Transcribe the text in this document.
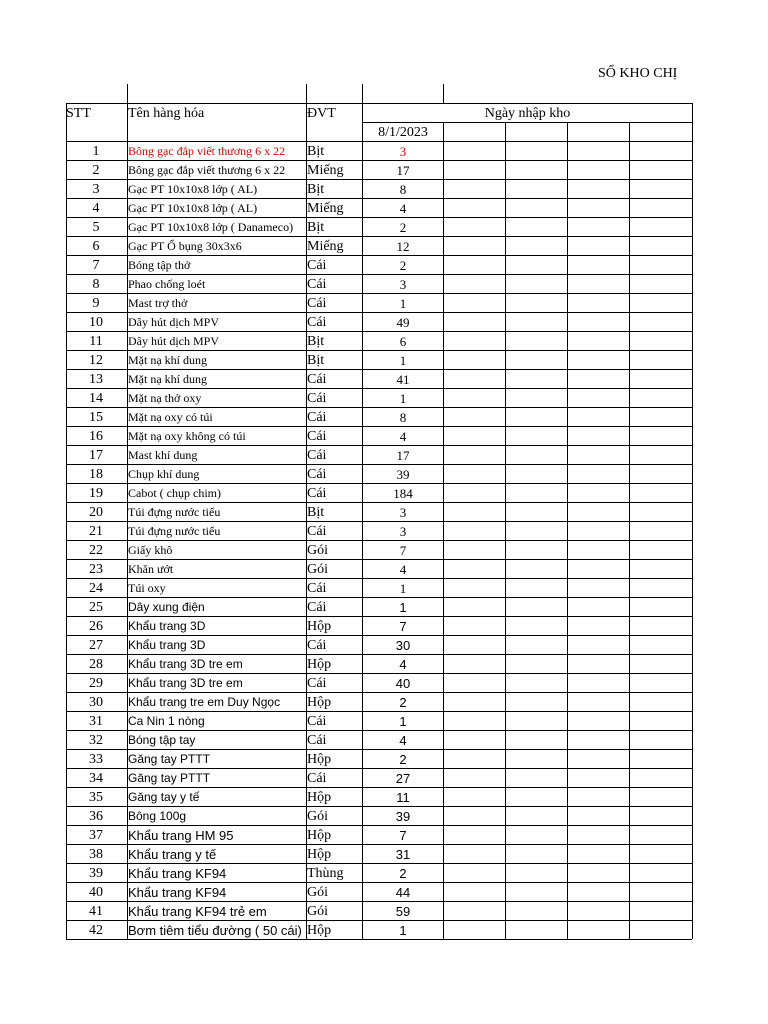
SỔ KHO CHỊ
STT	Tên hàng hóa	ĐVT	Ngày nhập kho
8/1/2023
1	Bông gạc đắp viết thương 6 x 22	Bịt	3
2	Bông gạc đắp viết thương 6 x 22	Miếng	17
3	Gạc PT 10x10x8 lớp ( AL)	Bịt	8
4	Gạc PT 10x10x8 lớp ( AL)	Miếng	4
5	Gạc PT 10x10x8 lớp ( Danameco) Bịt	2
6	Gạc PT Ổ bụng 30x3x6	Miếng	12
7	Bóng tập thở	Cái	2
8	Phao chống loét	Cái	3
9	Mast trợ thở	Cái	1
10	Dây hút dịch MPV	Cái	49
11	Dây hút dịch MPV	Bịt	6
12	Mặt nạ khí dung	Bịt	1
13	Mặt nạ khí dung	Cái	41
14	Mặt nạ thở oxy	Cái	1
15	Mặt nạ oxy có túi	Cái	8
16	Mặt nạ oxy không có túi	Cái	4
17	Mast khí dung	Cái	17
18	Chụp khí dung	Cái	39
19	Cabot ( chụp chim)	Cái	184
20	Túi đựng nước tiểu	Bịt	3
21	Túi đựng nước tiểu	Cái	3
22	Giấy khô	Gói	7
23	Khăn ướt	Gói	4
24	Túi oxy	Cái	1
25	Dây xung điện	Cái	1
26	Khẩu trang 3D	Hộp	7
27	Khẩu trang 3D	Cái	30
28	Khẩu trang 3D tre em	Hộp	4
29	Khẩu trang 3D tre em	Cái	40
30	Khẩu trang tre em Duy Ngọc	Hộp	2
31	Ca Nin 1 nòng	Cái	1
32	Bóng tập tay	Cái	4
33	Găng tay PTTT	Hộp	2
34	Găng tay PTTT	Cái	27
35	Găng tay y tế	Hộp	11
36	Bông 100g	Gói	39
37	Khẩu trang HM 95	Hộp	7
38	Khẩu trang y tế	Hộp	31
39	Khẩu trang KF94	Thùng	2
40	Khẩu trang KF94	Gói	44
41	Khẩu trang KF94 trẻ em	Gói	59
42	Bơm tiêm tiểu đường ( 50 cái) Hộp	1
